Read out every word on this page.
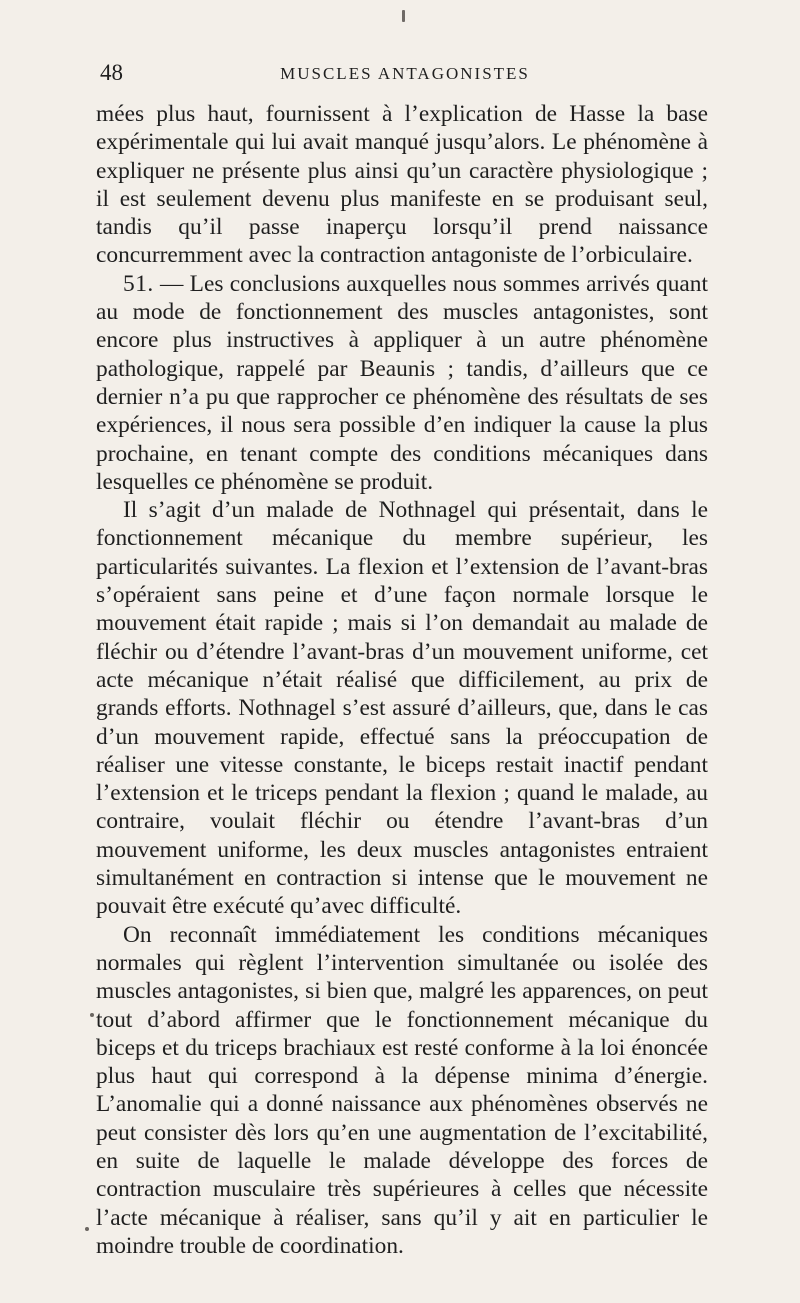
48	MUSCLES ANTAGONISTES

mées plus haut, fournissent à l’explication de Hasse la base expérimentale qui lui avait manqué jusqu’alors. Le phénomène à expliquer ne présente plus ainsi qu’un caractère physiologique ; il est seulement devenu plus manifeste en se produisant seul, tandis qu’il passe inaperçu lorsqu’il prend naissance concurremment avec la contraction antagoniste de l’orbiculaire.

51. — Les conclusions auxquelles nous sommes arrivés quant au mode de fonctionnement des muscles antagonistes, sont encore plus instructives à appliquer à un autre phénomène pathologique, rappelé par Beaunis ; tandis, d’ailleurs que ce dernier n’a pu que rapprocher ce phénomène des résultats de ses expériences, il nous sera possible d’en indiquer la cause la plus prochaine, en tenant compte des conditions mécaniques dans lesquelles ce phénomène se produit.

Il s’agit d’un malade de Nothnagel qui présentait, dans le fonctionnement mécanique du membre supérieur, les particularités suivantes. La flexion et l’extension de l’avant-bras s’opéraient sans peine et d’une façon normale lorsque le mouvement était rapide ; mais si l’on demandait au malade de fléchir ou d’étendre l’avant-bras d’un mouvement uniforme, cet acte mécanique n’était réalisé que difficilement, au prix de grands efforts. Nothnagel s’est assuré d’ailleurs, que, dans le cas d’un mouvement rapide, effectué sans la préoccupation de réaliser une vitesse constante, le biceps restait inactif pendant l’extension et le triceps pendant la flexion ; quand le malade, au contraire, voulait fléchir ou étendre l’avant-bras d’un mouvement uniforme, les deux muscles antagonistes entraient simultanément en contraction si intense que le mouvement ne pouvait être exécuté qu’avec difficulté.

On reconnaît immédiatement les conditions mécaniques normales qui règlent l’intervention simultanée ou isolée des muscles antagonistes, si bien que, malgré les apparences, on peut tout d’abord affirmer que le fonctionnement mécanique du biceps et du triceps brachiaux est resté conforme à la loi énoncée plus haut qui correspond à la dépense minima d’énergie. L’anomalie qui a donné naissance aux phénomènes observés ne peut consister dès lors qu’en une augmentation de l’excitabilité, en suite de laquelle le malade développe des forces de contraction musculaire très supérieures à celles que nécessite l’acte mécanique à réaliser, sans qu’il y ait en particulier le moindre trouble de coordination.
